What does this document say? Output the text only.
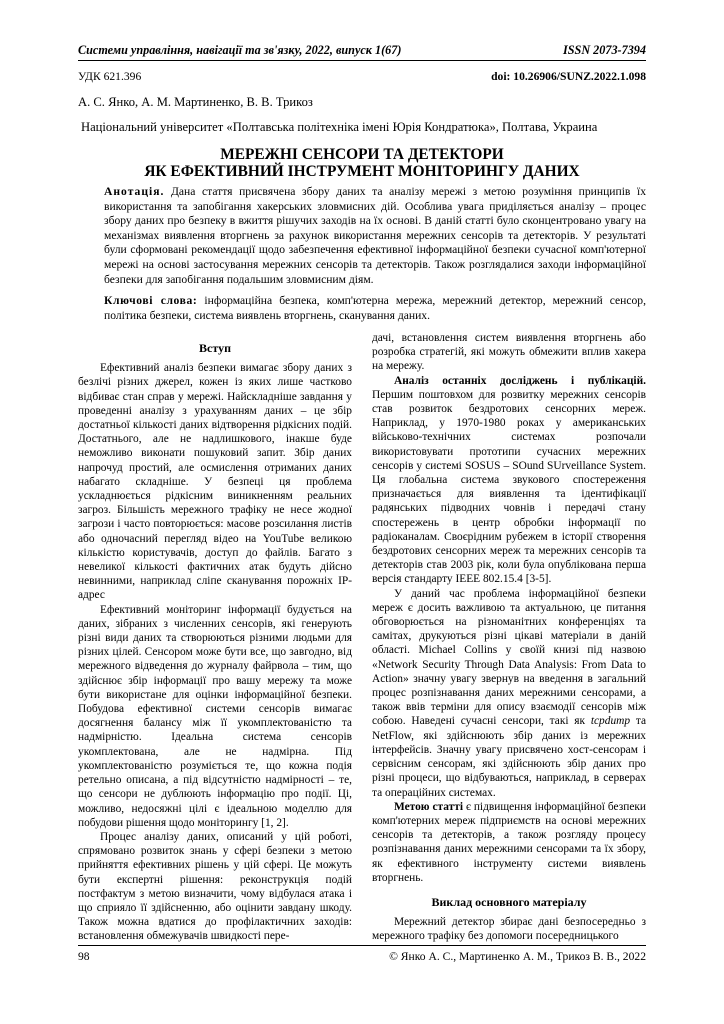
Системи управління, навігації та зв'язку, 2022, випуск 1(67)	ISSN 2073-7394
УДК 621.396	doi: 10.26906/SUNZ.2022.1.098
А. С. Янко, А. М. Мартиненко, В. В. Трикоз
Національний університет «Полтавська політехніка імені Юрія Кондратюка», Полтава, Украина
МЕРЕЖНІ СЕНСОРИ ТА ДЕТЕКТОРИ
ЯК ЕФЕКТИВНИЙ ІНСТРУМЕНТ МОНІТОРИНГУ ДАНИХ
Анотація. Дана стаття присвячена збору даних та аналізу мережі з метою розуміння принципів їх використання та запобігання хакерських зловмисних дій. Особлива увага приділяється аналізу – процес збору даних про безпеку в вжиття рішучих заходів на їх основі. В даній статті було сконцентровано увагу на механізмах виявлення вторгнень за рахунок використання мережних сенсорів та детекторів. У результаті були сформовані рекомендації щодо забезпечення ефективної інформаційної безпеки сучасної комп'ютерної мережі на основі застосування мережних сенсорів та детекторів. Також розглядалися заходи інформаційної безпеки для запобігання подальшим зловмисним діям.
Ключові слова: інформаційна безпека, комп'ютерна мережа, мережний детектор, мережний сенсор, політика безпеки, система виявлень вторгнень, сканування даних.
Вступ

Ефективний аналіз безпеки вимагає збору даних з безлічі різних джерел, кожен із яких лише частково відбиває стан справ у мережі. Найскладніше завдання у проведенні аналізу з урахуванням даних – це збір достатньої кількості даних відтворення рідкісних подій. Достатнього, але не надлишкового, інакше буде неможливо виконати пошуковий запит. Збір даних напрочуд простий, але осмислення отриманих даних набагато складніше. У безпеці ця проблема ускладнюється рідкісним виникненням реальних загроз. Більшість мережного трафіку не несе жодної загрози і часто повторюється: масове розсилання листів або одночасний перегляд відео на YouTube великою кількістю користувачів, доступ до файлів. Багато з невеликої кількості фактичних атак будуть дійсно невинними, наприклад сліпе сканування порожніх IP-адрес

Ефективний моніторинг інформації будується на даних, зібраних з численних сенсорів, які генерують різні види даних та створюються різними людьми для різних цілей. Сенсором може бути все, що завгодно, від мережного відведення до журналу файрвола – тим, що здійснює збір інформації про вашу мережу та може бути використане для оцінки інформаційної безпеки. Побудова ефективної системи сенсорів вимагає досягнення балансу між її укомплектованістю та надмірністю. Ідеальна система сенсорів укомплектована, але не надмірна. Під укомплектованістю розуміється те, що кожна подія ретельно описана, а під відсутністю надмірності – те, що сенсори не дублюють інформацію про події. Ці, можливо, недосяжні цілі є ідеальною моделлю для побудови рішення щодо моніторингу [1, 2].

Процес аналізу даних, описаний у цій роботі, спрямовано розвиток знань у сфері безпеки з метою прийняття ефективних рішень у цій сфері. Це можуть бути експертні рішення: реконструкція подій постфактум з метою визначити, чому відбулася атака і що сприяло її здійсненню, або оцінити завдану шкоду. Також можна вдатися до профілактичних заходів: встановлення обмежувачів швидкості пере-

дачі, встановлення систем виявлення вторгнень або розробка стратегій, які можуть обмежити вплив хакера на мережу.

Аналіз останніх досліджень і публікацій. Першим поштовхом для розвитку мережних сенсорів став розвиток бездротових сенсорних мереж. Наприклад, у 1970-1980 роках у американських військово-технічних системах розпочали використовувати прототипи сучасних мережних сенсорів у системі SOSUS – SOund SUrveillance System. Ця глобальна система звукового спостереження призначається для виявлення та ідентифікації радянських підводних човнів і передачі стану спостережень в центр обробки інформації по радіоканалам. Своєрідним рубежем в історії створення бездротових сенсорних мереж та мережних сенсорів та детекторів став 2003 рік, коли була опублікована перша версія стандарту IEEE 802.15.4 [3-5].

У даний час проблема інформаційної безпеки мереж є досить важливою та актуальною, це питання обговорюється на різноманітних конференціях та самітах, друкуються різні цікаві матеріали в даній області. Michael Collins у своїй книзі під назвою «Network Security Through Data Analysis: From Data to Action» значну увагу звернув на введення в загальний процес розпізнавання даних мережними сенсорами, а також ввів терміни для опису взаємодії сенсорів між собою. Наведені сучасні сенсори, такі як tcpdump та NetFlow, які здійснюють збір даних із мережних інтерфейсів. Значну увагу присвячено хост-сенсорам і сервісним сенсорам, які здійснюють збір даних про різні процеси, що відбуваються, наприклад, в серверах та операційних системах.

Метою статті є підвищення інформаційної безпеки комп'ютерних мереж підприємств на основі мережних сенсорів та детекторів, а також розгляду процесу розпізнавання даних мережними сенсорами та їх збору, як ефективного інструменту системи виявлень вторгнень.

Виклад основного матеріалу

Мережний детектор збирає дані безпосередньо з мережного трафіку без допомоги посередницького

98	© Янко А. С., Мартиненко А. М., Трикоз В. В., 2022
